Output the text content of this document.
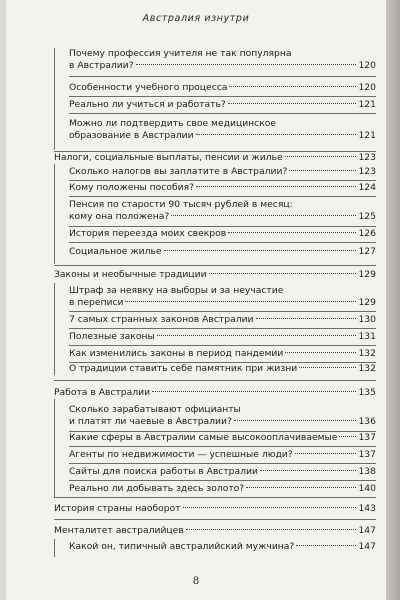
Австралия изнутри
Почему профессия учителя не так популярна
в Австралии?	120
Особенности учебного процесса	120
Реально ли учиться и работать?	121
Можно ли подтвердить свое медицинское
образование в Австралии	121
Налоги, социальные выплаты, пенсии и жилье	123
Сколько налогов вы заплатите в Австралии?	123
Кому положены пособия?	124
Пенсия по старости 90 тысяч рублей в месяц:
кому она положена?	125
История переезда моих свекров	126
Социальное жилье	127
Законы и необычные традиции	129
Штраф за неявку на выборы и за неучастие
в переписи	129
7 самых странных законов Австралии	130
Полезные законы	131
Как изменились законы в период пандемии	132
О традиции ставить себе памятник при жизни	132
Работа в Австралии	135
Сколько зарабатывают официанты
и платят ли чаевые в Австралии?	136
Какие сферы в Австралии самые высокооплачиваемые 137
Агенты по недвижимости — успешные люди?	137
Сайты для поиска работы в Австралии	138
Реально ли добывать здесь золото?	140
История страны наоборот	143
Менталитет австралийцев	147
Какой он, типичный австралийский мужчина?	147
8
